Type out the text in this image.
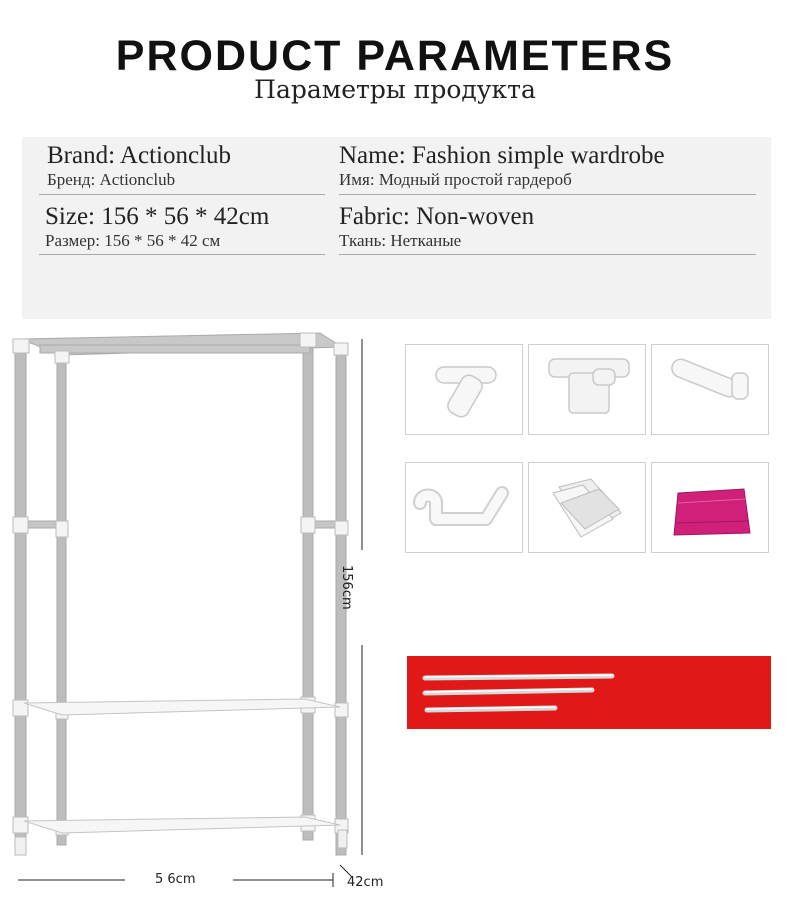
PRODUCT PARAMETERS
Параметры продукта
Brand: Actionclub
Бренд: Actionclub
Name: Fashion simple wardrobe
Имя: Модный простой гардероб
Size: 156 * 56 * 42cm
Размер: 156 * 56 * 42 см
Fabric: Non-woven
Ткань: Нетканые
156cm
5 6cm	42cm
